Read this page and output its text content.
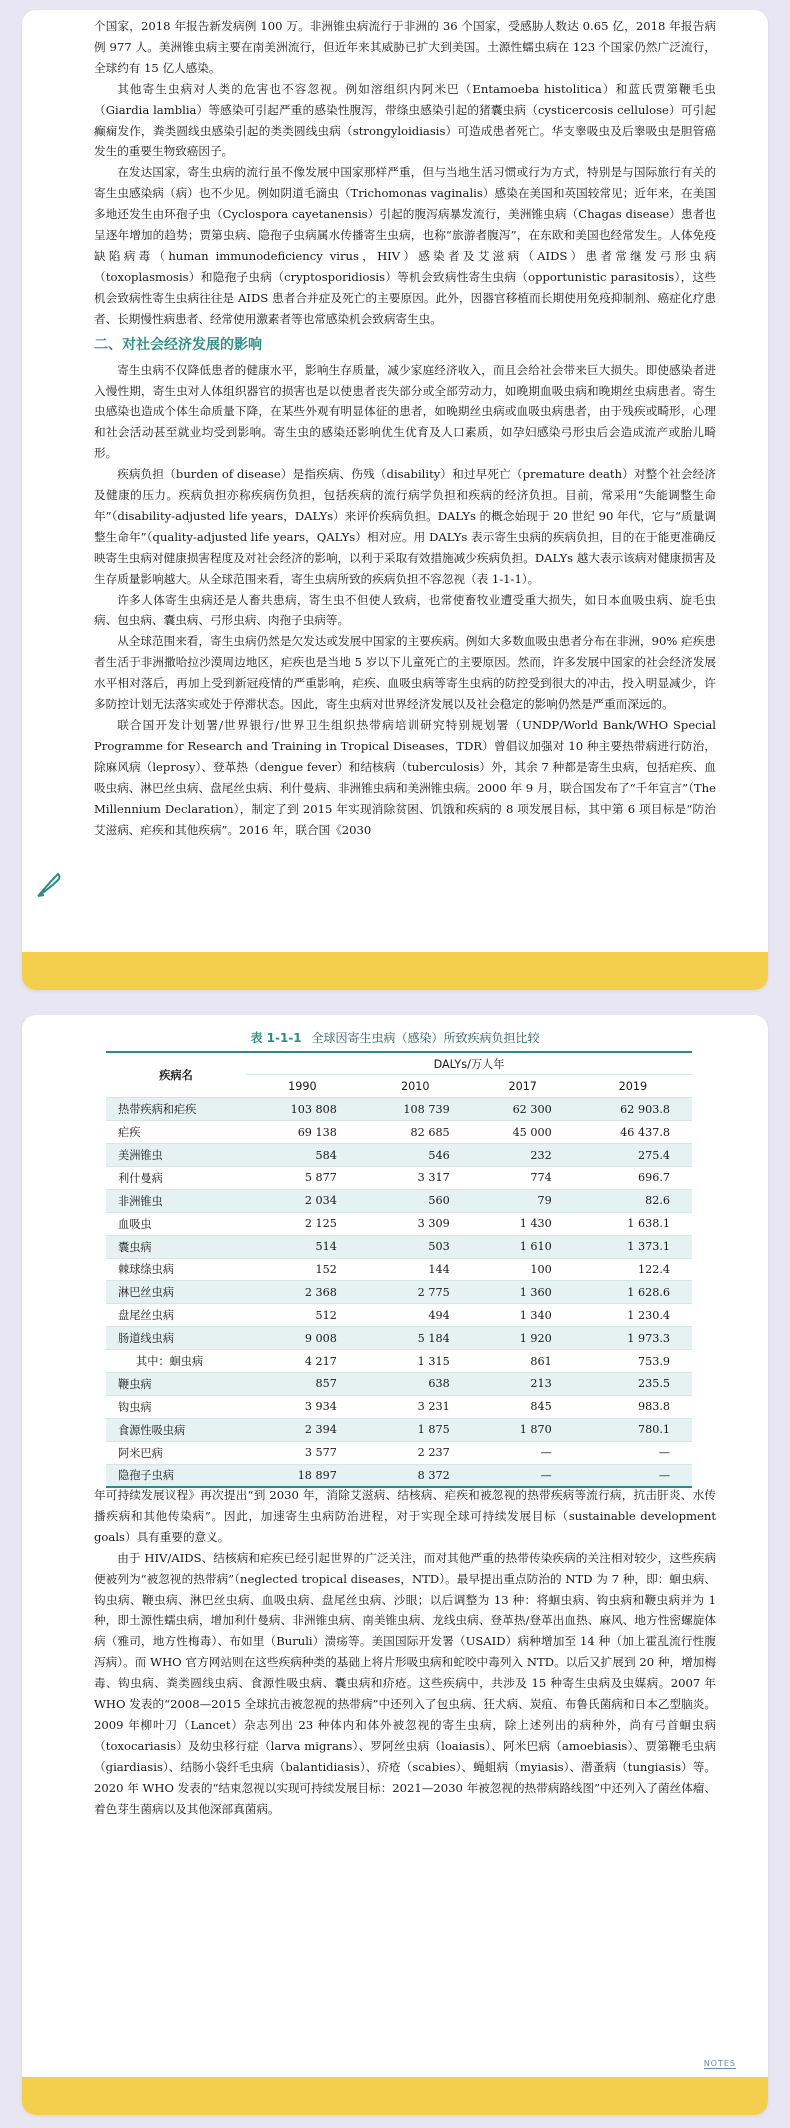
个国家，2018 年报告新发病例 100 万。非洲锥虫病流行于非洲的 36 个国家，受感胁人数达 0.65 亿，2018 年报告病例 977 人。美洲锥虫病主要在南美洲流行，但近年来其威胁已扩大到美国。土源性蠕虫病在 123 个国家仍然广泛流行，全球约有 15 亿人感染。

其他寄生虫病对人类的危害也不容忽视。例如溶组织内阿米巴（Entamoeba histolitica）和蓝氏贾第鞭毛虫（Giardia lamblia）等感染可引起严重的感染性腹泻，带绦虫感染引起的猪囊虫病（cysticercosis cellulose）可引起癫痫发作，粪类圆线虫感染引起的类类圆线虫病（strongyloidiasis）可造成患者死亡。华支睾吸虫及后睾吸虫是胆管癌发生的重要生物致癌因子。

在发达国家，寄生虫病的流行虽不像发展中国家那样严重，但与当地生活习惯或行为方式，特别是与国际旅行有关的寄生虫感染病（病）也不少见。例如阴道毛滴虫（Trichomonas vaginalis）感染在美国和英国较常见；近年来，在美国多地还发生由环孢子虫（Cyclospora cayetanensis）引起的腹泻病暴发流行，美洲锥虫病（Chagas disease）患者也呈逐年增加的趋势；贾第虫病、隐孢子虫病属水传播寄生虫病，也称“旅游者腹泻”，在东欧和美国也经常发生。人体免疫缺陷病毒（human immunodeficiency virus，HIV）感染者及艾滋病（AIDS）患者常继发弓形虫病（toxoplasmosis）和隐孢子虫病（cryptosporidiosis）等机会致病性寄生虫病（opportunistic parasitosis），这些机会致病性寄生虫病往往是 AIDS 患者合并症及死亡的主要原因。此外，因器官移植而长期使用免疫抑制剂、癌症化疗患者、长期慢性病患者、经常使用激素者等也常感染机会致病寄生虫。

二、对社会经济发展的影响

寄生虫病不仅降低患者的健康水平，影响生存质量，减少家庭经济收入，而且会给社会带来巨大损失。即使感染者进入慢性期，寄生虫对人体组织器官的损害也是以使患者丧失部分或全部劳动力，如晚期血吸虫病和晚期丝虫病患者。寄生虫感染也造成个体生命质量下降，在某些外观有明显体征的患者，如晚期丝虫病或血吸虫病患者，由于残疾或畸形，心理和社会活动甚至就业均受到影响。寄生虫的感染还影响优生优育及人口素质，如孕妇感染弓形虫后会造成流产或胎儿畸形。

疾病负担（burden of disease）是指疾病、伤残（disability）和过早死亡（premature death）对整个社会经济及健康的压力。疾病负担亦称疾病伤负担，包括疾病的流行病学负担和疾病的经济负担。目前，常采用“失能调整生命年”（disability-adjusted life years，DALYs）来评价疾病负担。DALYs 的概念始现于 20 世纪 90 年代，它与“质量调整生命年”（quality-adjusted life years，QALYs）相对应。用 DALYs 表示寄生虫病的疾病负担，目的在于能更准确反映寄生虫病对健康损害程度及对社会经济的影响，以利于采取有效措施减少疾病负担。DALYs 越大表示该病对健康损害及生存质量影响越大。从全球范围来看，寄生虫病所致的疾病负担不容忽视（表 1-1-1）。

许多人体寄生虫病还是人畜共患病，寄生虫不但使人致病，也常使畜牧业遭受重大损失，如日本血吸虫病、旋毛虫病、包虫病、囊虫病、弓形虫病、肉孢子虫病等。

从全球范围来看，寄生虫病仍然是欠发达或发展中国家的主要疾病。例如大多数血吸虫患者分布在非洲，90% 疟疾患者生活于非洲撒哈拉沙漠周边地区，疟疾也是当地 5 岁以下儿童死亡的主要原因。然而，许多发展中国家的社会经济发展水平相对落后，再加上受到新冠疫情的严重影响，疟疾、血吸虫病等寄生虫病的防控受到很大的冲击，投入明显减少，许多防控计划无法落实或处于停滞状态。因此，寄生虫病对世界经济发展以及社会稳定的影响仍然是严重而深远的。

联合国开发计划署/世界银行/世界卫生组织热带病培训研究特别规划署（UNDP/World Bank/WHO Special Programme for Research and Training in Tropical Diseases，TDR）曾倡议加强对 10 种主要热带病进行防治，除麻风病（leprosy）、登革热（dengue fever）和结核病（tuberculosis）外，其余 7 种都是寄生虫病，包括疟疾、血吸虫病、淋巴丝虫病、盘尾丝虫病、利什曼病、非洲锥虫病和美洲锥虫病。2000 年 9 月，联合国发布了“千年宣言”（The Millennium Declaration），制定了到 2015 年实现消除贫困、饥饿和疾病的 8 项发展目标，其中第 6 项目标是“防治艾滋病、疟疾和其他疾病”。2016 年，联合国《2030

表 1-1-1 全球因寄生虫病（感染）所致疾病负担比较
疾病名	DALYs/万人年			
	1990	2010	2017	2019
热带疾病和疟疾	103 808	108 739	62 300	62 903.8
疟疾	69 138	82 685	45 000	46 437.8
美洲锥虫	584	546	232	275.4
利什曼病	5 877	3 317	774	696.7
非洲锥虫	2 034	560	79	82.6
血吸虫	2 125	3 309	1 430	1 638.1
囊虫病	514	503	1 610	1 373.1
棘球绦虫病	152	144	100	122.4
淋巴丝虫病	2 368	2 775	1 360	1 628.6
盘尾丝虫病	512	494	1 340	1 230.4
肠道线虫病	9 008	5 184	1 920	1 973.3
其中：蛔虫病	4 217	1 315	861	753.9
鞭虫病	857	638	213	235.5
钩虫病	3 934	3 231	845	983.8
食源性吸虫病	2 394	1 875	1 870	780.1
阿米巴病	3 577	2 237	—	—
隐孢子虫病	18 897	8 372	—	—

年可持续发展议程》再次提出“到 2030 年，消除艾滋病、结核病、疟疾和被忽视的热带疾病等流行病，抗击肝炎、水传播疾病和其他传染病”。因此，加速寄生虫病防治进程，对于实现全球可持续发展目标（sustainable development goals）具有重要的意义。

由于 HIV/AIDS、结核病和疟疾已经引起世界的广泛关注，而对其他严重的热带传染疾病的关注相对较少，这些疾病便被列为“被忽视的热带病”（neglected tropical diseases，NTD）。最早提出重点防治的 NTD 为 7 种，即：蛔虫病、钩虫病、鞭虫病、淋巴丝虫病、血吸虫病、盘尾丝虫病、沙眼；以后调整为 13 种：将蛔虫病、钩虫病和鞭虫病并为 1 种，即土源性蠕虫病，增加利什曼病、非洲锥虫病、南美锥虫病、龙线虫病、登革热/登革出血热、麻风、地方性密螺旋体病（雅司，地方性梅毒）、布如里（Buruli）溃疡等。美国国际开发署（USAID）病种增加至 14 种（加上霍乱流行性腹泻病）。而 WHO 官方网站则在这些疾病种类的基础上将片形吸虫病和蛇咬中毒列入 NTD。以后又扩展到 20 种，增加梅毒、钩虫病、粪类圆线虫病、食源性吸虫病、囊虫病和疥疮。这些疾病中，共涉及 15 种寄生虫病及虫媒病。2007 年 WHO 发表的“2008—2015 全球抗击被忽视的热带病”中还列入了包虫病、狂犬病、炭疽、布鲁氏菌病和日本乙型脑炎。2009 年柳叶刀（Lancet）杂志列出 23 种体内和体外被忽视的寄生虫病，除上述列出的病种外，尚有弓首蛔虫病（toxocariasis）及幼虫移行症（larva migrans）、罗阿丝虫病（loaiasis）、阿米巴病（amoebiasis）、贾第鞭毛虫病（giardiasis）、结肠小袋纤毛虫病（balantidiasis）、疥疮（scabies）、蝇蛆病（myiasis）、潜蚤病（tungiasis）等。2020 年 WHO 发表的“结束忽视以实现可持续发展目标：2021—2030 年被忽视的热带病路线图”中还列入了菌丝体瘤、着色芽生菌病以及其他深部真菌病。

NOTES
